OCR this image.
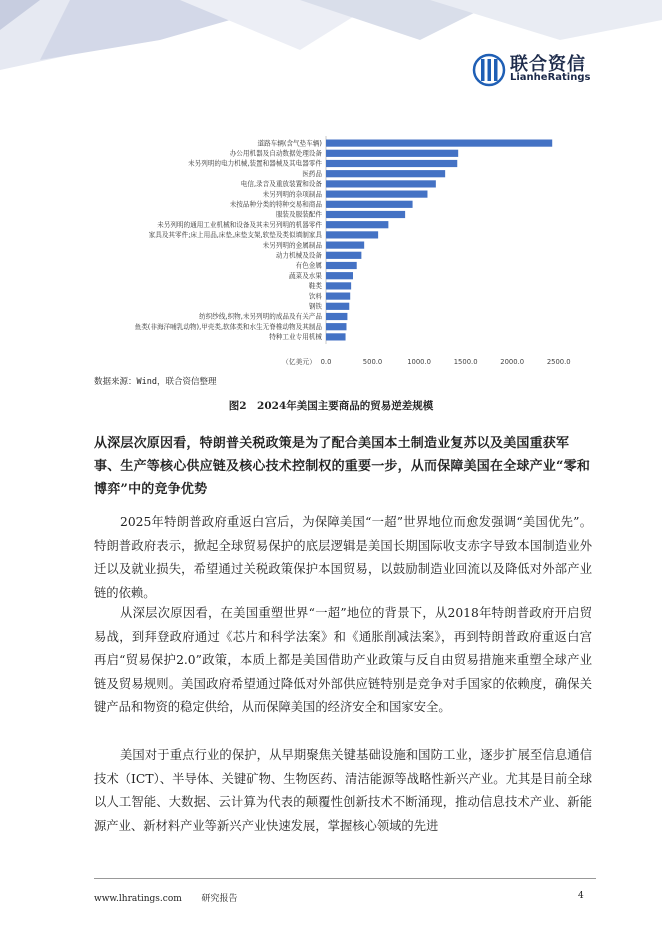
联合资信
LianheRatings
道路车辆(含气垫车辆)
办公用机器及自动数据处理设备
未另列明的电力机械,装置和器械及其电器零件
医药品
电信,录音及重放装置和设备
未另列明的杂项制品
未按品种分类的特种交易和商品
服装及服装配件
未另列明的通用工业机械和设备及其未另列明的机器零件
家具及其零件;床上用品,床垫,床垫支架,软垫及类似填制家具
未另列明的金属制品
动力机械及设备
有色金属
蔬菜及水果
鞋类
饮料
钢铁
纺织纱线,织物,未另列明的成品及有关产品
鱼类(非海洋哺乳动物),甲壳类,软体类和水生无脊椎动物及其制品
特种工业专用机械
（亿美元） 0.0	500.0	1000.0	1500.0	2000.0	2500.0
数据来源：Wind，联合资信整理
图2　2024年美国主要商品的贸易逆差规模
从深层次原因看，特朗普关税政策是为了配合美国本土制造业复苏以及美国重获军事、生产等核心供应链及核心技术控制权的重要一步，从而保障美国在全球产业“零和博弈”中的竞争优势

2025年特朗普政府重返白宫后，为保障美国“一超”世界地位而愈发强调“美国优先”。特朗普政府表示，掀起全球贸易保护的底层逻辑是美国长期国际收支赤字导致本国制造业外迁以及就业损失，希望通过关税政策保护本国贸易，以鼓励制造业回流以及降低对外部产业链的依赖。

从深层次原因看，在美国重塑世界“一超”地位的背景下，从2018年特朗普政府开启贸易战，到拜登政府通过《芯片和科学法案》和《通胀削减法案》，再到特朗普政府重返白宫再启“贸易保护2.0”政策，本质上都是美国借助产业政策与反自由贸易措施来重塑全球产业链及贸易规则。美国政府希望通过降低对外部供应链特别是竞争对手国家的依赖度，确保关键产品和物资的稳定供给，从而保障美国的经济安全和国家安全。

美国对于重点行业的保护，从早期聚焦关键基础设施和国防工业，逐步扩展至信息通信技术（ICT）、半导体、关键矿物、生物医药、清洁能源等战略性新兴产业。尤其是目前全球以人工智能、大数据、云计算为代表的颠覆性创新技术不断涌现，推动信息技术产业、新能源产业、新材料产业等新兴产业快速发展，掌握核心领域的先进

www.lhratings.com 研究报告	4
